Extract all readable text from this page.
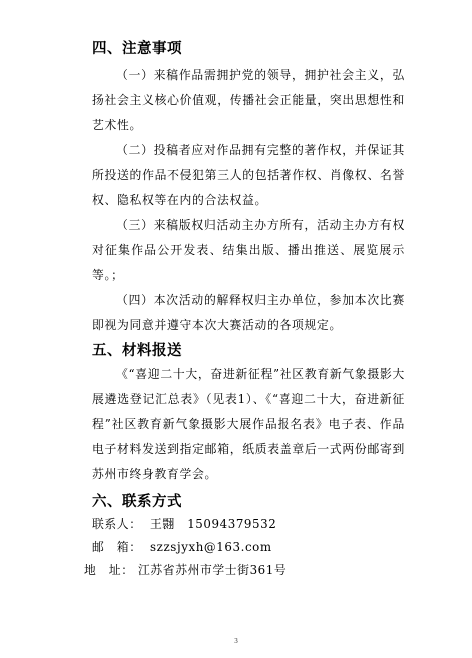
四、注意事项

（一）来稿作品需拥护党的领导，拥护社会主义，弘扬社会主义核心价值观，传播社会正能量，突出思想性和艺术性。

（二）投稿者应对作品拥有完整的著作权，并保证其所投送的作品不侵犯第三人的包括著作权、肖像权、名誉权、隐私权等在内的合法权益。

（三）来稿版权归活动主办方所有，活动主办方有权对征集作品公开发表、结集出版、播出推送、展览展示等。；

（四）本次活动的解释权归主办单位，参加本次比赛即视为同意并遵守本次大赛活动的各项规定。

五、材料报送

《“喜迎二十大，奋进新征程”社区教育新气象摄影大展遴选登记汇总表》（见表1）、《“喜迎二十大，奋进新征程”社区教育新气象摄影大展作品报名表》电子表、作品电子材料发送到指定邮箱，纸质表盖章后一式两份邮寄到苏州市终身教育学会。

六、联系方式
联系人： 王翾　15094379532
邮　箱： szzsjyxh@163.com
地　址： 江苏省苏州市学士街361号
3
